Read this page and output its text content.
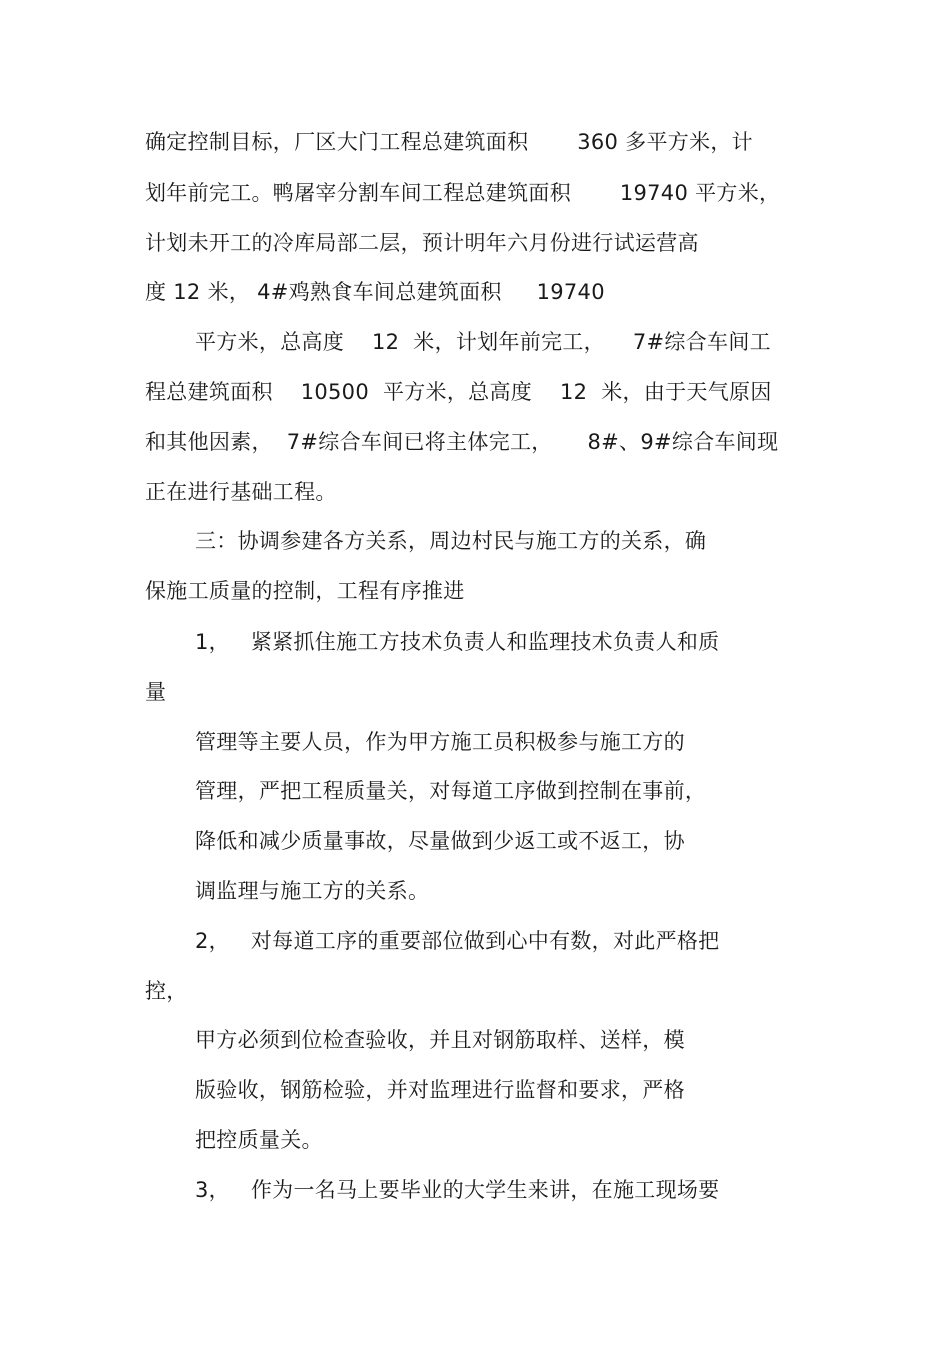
确定控制目标，厂区大门工程总建筑面积       360 多平方米，计
划年前完工。鸭屠宰分割车间工程总建筑面积       19740 平方米，
计划未开工的冷库局部二层，预计明年六月份进行试运营高
度 12 米， 4#鸡熟食车间总建筑面积     19740
平方米，总高度    12  米，计划年前完工，    7#综合车间工
程总建筑面积    10500  平方米，总高度    12  米，由于天气原因
和其他因素，  7#综合车间已将主体完工，     8#、9#综合车间现
正在进行基础工程。
三：协调参建各方关系，周边村民与施工方的关系，确
保施工质量的控制，工程有序推进
1，   紧紧抓住施工方技术负责人和监理技术负责人和质
量
管理等主要人员，作为甲方施工员积极参与施工方的
管理，严把工程质量关，对每道工序做到控制在事前，
降低和减少质量事故，尽量做到少返工或不返工，协
调监理与施工方的关系。
2，   对每道工序的重要部位做到心中有数，对此严格把
控，
甲方必须到位检查验收，并且对钢筋取样、送样，模
版验收，钢筋检验，并对监理进行监督和要求，严格
把控质量关。
3，   作为一名马上要毕业的大学生来讲，在施工现场要
